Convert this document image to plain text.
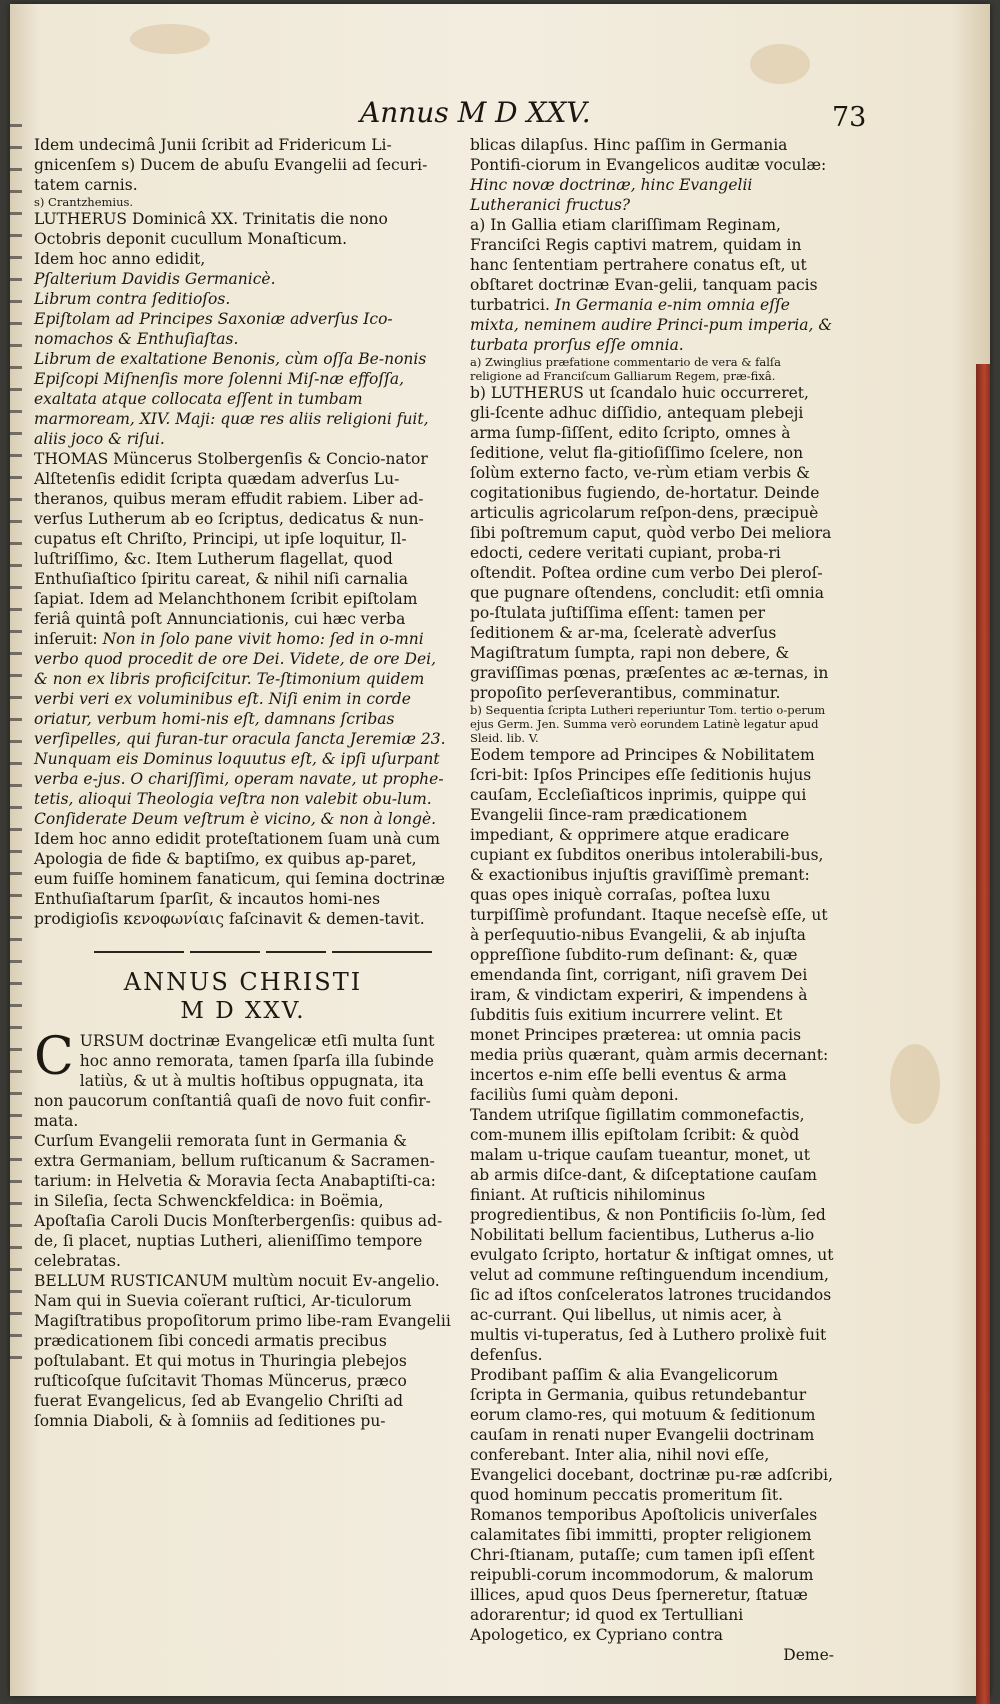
Annus M D XXV.	73

Idem undecimâ Junii ſcribit ad Fridericum Li-gnicenſem s) Ducem de abuſu Evangelii ad ſecuri-tatem carnis.

s) Crantzhemius.

LUTHERUS Dominicâ XX. Trinitatis die nono Octobris deponit cucullum Monaſticum.

Idem hoc anno edidit,

Pſalterium Davidis Germanicè.

Librum contra ſeditioſos.

Epiſtolam ad Principes Saxoniæ adverſus Ico-nomachos & Enthuſiaſtas.

Librum de exaltatione Benonis, cùm oſſa Be-nonis Epiſcopi Miſnenſis more ſolenni Miſ-næ effoſſa, exaltata atque collocata eſſent in tumbam marmoream, XIV. Maji: quæ res aliis religioni fuit, aliis joco & riſui.

THOMAS Müncerus Stolbergenſis & Concio-nator Alſtetenſis edidit ſcripta quædam adverſus Lu-theranos, quibus meram effudit rabiem. Liber ad-verſus Lutherum ab eo ſcriptus, dedicatus & nun-cupatus eſt Chriſto, Principi, ut ipſe loquitur, Il-luſtriſſimo, &c. Item Lutherum flagellat, quod Enthuſiaſtico ſpiritu careat, & nihil niſi carnalia ſapiat. Idem ad Melanchthonem ſcribit epiſtolam feriâ quintâ poſt Annunciationis, cui hæc verba inſeruit: Non in ſolo pane vivit homo: ſed in o-mni verbo quod procedit de ore Dei. Videte, de ore Dei, & non ex libris proficiſcitur. Te-ſtimonium quidem verbi veri ex voluminibus eſt. Niſi enim in corde oriatur, verbum homi-nis eſt, damnans ſcribas verſipelles, qui furan-tur oracula ſancta Jeremiæ 23. Nunquam eis Dominus loquutus eſt, & ipſi uſurpant verba e-jus. O chariſſimi, operam navate, ut prophe-tetis, alioqui Theologia veſtra non valebit obu-lum. Conſiderate Deum veſtrum è vicino, & non à longè.

Idem hoc anno edidit proteſtationem ſuam unà cum Apologia de fide & baptiſmo, ex quibus ap-paret, eum fuiſſe hominem fanaticum, qui ſemina doctrinæ Enthuſiaſtarum ſparſit, & incautos homi-nes prodigioſis κενοφωνίαις faſcinavit & demen-tavit.

ANNUS CHRISTI
M D XXV.

C URSUM doctrinæ Evangelicæ etſi multa ſunt hoc anno remorata, tamen ſparſa illa ſubinde latiùs, & ut à multis hoſtibus oppugnata, ita non paucorum conſtantiâ quaſi de novo fuit confir-mata.

Curſum Evangelii remorata ſunt in Germania & extra Germaniam, bellum ruſticanum & Sacramen-tarium: in Helvetia & Moravia ſecta Anabaptiſti-ca: in Sileſia, ſecta Schwenckfeldica: in Boëmia, Apoſtaſia Caroli Ducis Monſterbergenſis: quibus ad-de, ſi placet, nuptias Lutheri, alieniſſimo tempore celebratas.

BELLUM RUSTICANUM multùm nocuit Ev-angelio. Nam qui in Suevia coïerant ruſtici, Ar-ticulorum Magiſtratibus propoſitorum primo libe-ram Evangelii prædicationem ſibi concedi armatis precibus poſtulabant. Et qui motus in Thuringia plebejos ruſticoſque ſuſcitavit Thomas Müncerus, præco fuerat Evangelicus, ſed ab Evangelio Chriſti ad ſomnia Diaboli, & à ſomniis ad ſeditiones pu-

blicas dilapſus. Hinc paſſim in Germania Pontifi-ciorum in Evangelicos auditæ voculæ: Hinc novæ doctrinæ, hinc Evangelii Lutheranici fructus?

a) In Gallia etiam clariſſimam Reginam, Franciſci Regis captivi matrem, quidam in hanc ſententiam pertrahere conatus eſt, ut obſtaret doctrinæ Evan-gelii, tanquam pacis turbatrici. In Germania e-nim omnia eſſe mixta, neminem audire Princi-pum imperia, & turbata prorſus eſſe omnia.

a) Zwinglius præfatione commentario de vera & falſa religione ad Franciſcum Galliarum Regem, præ-fixâ.

b) LUTHERUS ut ſcandalo huic occurreret, gli-ſcente adhuc diſſidio, antequam plebeji arma ſump-ſiſſent, edito ſcripto, omnes à ſeditione, velut fla-gitioſiſſimo ſcelere, non ſolùm externo facto, ve-rùm etiam verbis & cogitationibus fugiendo, de-hortatur. Deinde articulis agricolarum reſpon-dens, præcipuè ſibi poſtremum caput, quòd verbo Dei meliora edocti, cedere veritati cupiant, proba-ri oſtendit. Poſtea ordine cum verbo Dei pleroſ-que pugnare oſtendens, concludit: etſi omnia po-ſtulata juſtiſſima eſſent: tamen per ſeditionem & ar-ma, ſceleratè adverſus Magiſtratum ſumpta, rapi non debere, & graviſſimas pœnas, præſentes ac æ-ternas, in propoſito perſeverantibus, comminatur.

b) Sequentia ſcripta Lutheri reperiuntur Tom. tertio o-perum ejus Germ. Jen. Summa verò eorundem Latinè legatur apud Sleid. lib. V.

Eodem tempore ad Principes & Nobilitatem ſcri-bit: Ipſos Principes eſſe ſeditionis hujus cauſam, Eccleſiaſticos inprimis, quippe qui Evangelii ſince-ram prædicationem impediant, & opprimere atque eradicare cupiant ex ſubditos oneribus intolerabili-bus, & exactionibus injuſtis graviſſimè premant: quas opes iniquè corraſas, poſtea luxu turpiſſimè profundant. Itaque neceſsè eſſe, ut à perſequutio-nibus Evangelii, & ab injuſta oppreſſione ſubdito-rum deſinant: &, quæ emendanda ſint, corrigant, niſi gravem Dei iram, & vindictam experiri, & impendens à ſubditis ſuis exitium incurrere velint. Et monet Principes præterea: ut omnia pacis media priùs quærant, quàm armis decernant: incertos e-nim eſſe belli eventus & arma faciliùs ſumi quàm deponi.

Tandem utriſque ſigillatim commonefactis, com-munem illis epiſtolam ſcribit: & quòd malam u-trique cauſam tueantur, monet, ut ab armis diſce-dant, & diſceptatione cauſam finiant. At ruſticis nihilominus progredientibus, & non Pontificiis ſo-lùm, ſed Nobilitati bellum facientibus, Lutherus a-lio evulgato ſcripto, hortatur & inſtigat omnes, ut velut ad commune reſtinguendum incendium, ſic ad iſtos conſceleratos latrones trucidandos ac-currant. Qui libellus, ut nimis acer, à multis vi-tuperatus, ſed à Luthero prolixè fuit defenſus.

Prodibant paſſim & alia Evangelicorum ſcripta in Germania, quibus retundebantur eorum clamo-res, qui motuum & ſeditionum cauſam in renati nuper Evangelii doctrinam conferebant. Inter alia, nihil novi eſſe, Evangelici docebant, doctrinæ pu-ræ adſcribi, quod hominum peccatis promeritum ſit. Romanos temporibus Apoſtolicis univerſales calamitates ſibi immitti, propter religionem Chri-ſtianam, putaſſe; cum tamen ipſi eſſent reipubli-corum incommodorum, & malorum illices, apud quos Deus ſperneretur, ſtatuæ adorarentur; id quod ex Tertulliani Apologetico, ex Cypriano contra

Deme-
